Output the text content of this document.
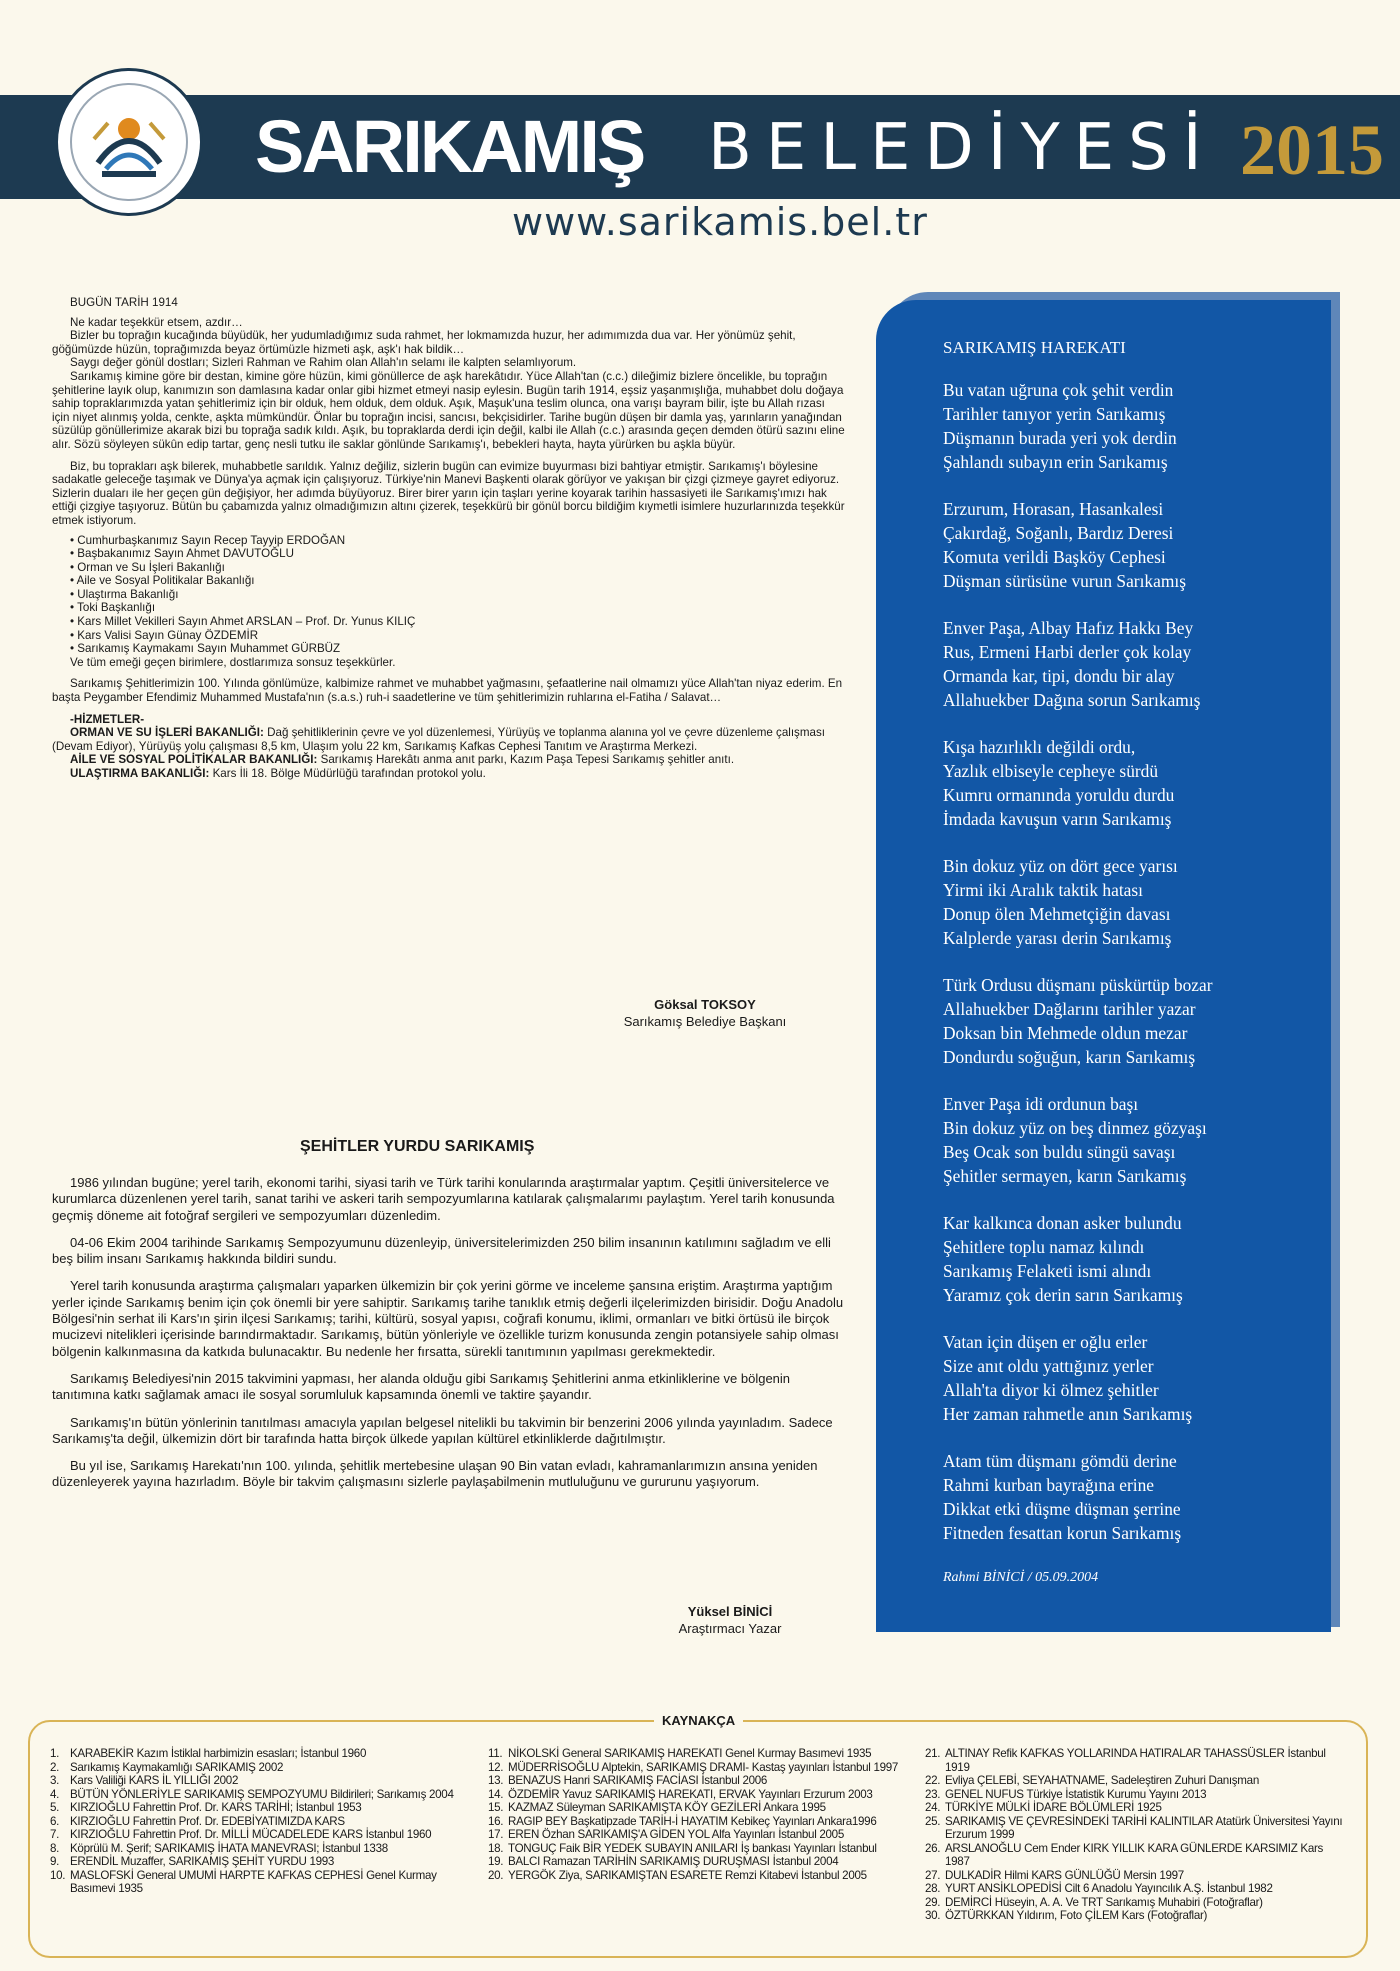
SARIKAMIŞ BELEDİYESİ 2015
www.sarikamis.bel.tr

BUGÜN TARİH 1914

Ne kadar teşekkür etsem, azdır…

Bizler bu toprağın kucağında büyüdük, her yudumladığımız suda rahmet, her lokmamızda huzur, her adımımızda dua var. Her yönümüz şehit, göğümüzde hüzün, toprağımızda beyaz örtümüzle hizmeti aşk, aşk'ı hak bildik…

Saygı değer gönül dostları; Sizleri Rahman ve Rahim olan Allah'ın selamı ile kalpten selamlıyorum.

Sarıkamış kimine göre bir destan, kimine göre hüzün, kimi gönüllerce de aşk harekâtıdır. Yüce Allah'tan (c.c.) dileğimiz bizlere öncelikle, bu toprağın şehitlerine layık olup, kanımızın son damlasına kadar onlar gibi hizmet etmeyi nasip eylesin. Bugün tarih 1914, eşsiz yaşanmışlığa, muhabbet dolu doğaya sahip topraklarımızda yatan şehitlerimiz için bir olduk, hem olduk, dem olduk. Aşık, Maşuk'una teslim olunca, ona varışı bayram bilir, işte bu Allah rızası için niyet alınmış yolda, cenkte, aşkta mümkündür. Önlar bu toprağın incisi, sancısı, bekçisidirler. Tarihe bugün düşen bir damla yaş, yarınların yanağından süzülüp gönüllerimize akarak bizi bu toprağa sadık kıldı. Aşık, bu topraklarda derdi için değil, kalbi ile Allah (c.c.) arasında geçen demden ötürü sazını eline alır. Sözü söyleyen sükûn edip tartar, genç nesli tutku ile saklar gönlünde Sarıkamış'ı, bebekleri hayta, hayta yürürken bu aşkla büyür.

Biz, bu toprakları aşk bilerek, muhabbetle sarıldık. Yalnız değiliz, sizlerin bugün can evimize buyurması bizi bahtiyar etmiştir. Sarıkamış'ı böylesine sadakatle geleceğe taşımak ve Dünya'ya açmak için çalışıyoruz. Türkiye'nin Manevi Başkenti olarak görüyor ve yakışan bir çizgi çizmeye gayret ediyoruz. Sizlerin duaları ile her geçen gün değişiyor, her adımda büyüyoruz. Birer birer yarın için taşları yerine koyarak tarihin hassasiyeti ile Sarıkamış'ımızı hak ettiği çizgiye taşıyoruz. Bütün bu çabamızda yalnız olmadığımızın altını çizerek, teşekkürü bir gönül borcu bildiğim kıymetli isimlere huzurlarınızda teşekkür etmek istiyorum.

• Cumhurbaşkanımız Sayın Recep Tayyip ERDOĞAN
• Başbakanımız Sayın Ahmet DAVUTOĞLU
• Orman ve Su İşleri Bakanlığı
• Aile ve Sosyal Politikalar Bakanlığı
• Ulaştırma Bakanlığı
• Toki Başkanlığı
• Kars Millet Vekilleri Sayın Ahmet ARSLAN – Prof. Dr. Yunus KILIÇ
• Kars Valisi Sayın Günay ÖZDEMİR
• Sarıkamış Kaymakamı Sayın Muhammet GÜRBÜZ

Ve tüm emeği geçen birimlere, dostlarımıza sonsuz teşekkürler.

Sarıkamış Şehitlerimizin 100. Yılında gönlümüze, kalbimize rahmet ve muhabbet yağmasını, şefaatlerine nail olmamızı yüce Allah'tan niyaz ederim. En başta Peygamber Efendimiz Muhammed Mustafa'nın (s.a.s.) ruh-i saadetlerine ve tüm şehitlerimizin ruhlarına el-Fatiha / Salavat…

-HİZMETLER-

ORMAN VE SU İŞLERİ BAKANLIĞI: Dağ şehitliklerinin çevre ve yol düzenlemesi, Yürüyüş ve toplanma alanına yol ve çevre düzenleme çalışması (Devam Ediyor), Yürüyüş yolu çalışması 8,5 km, Ulaşım yolu 22 km, Sarıkamış Kafkas Cephesi Tanıtım ve Araştırma Merkezi.

AİLE VE SOSYAL POLİTİKALAR BAKANLIĞI: Sarıkamış Harekâtı anma anıt parkı, Kazım Paşa Tepesi Sarıkamış şehitler anıtı.

ULAŞTIRMA BAKANLIĞI: Kars İli 18. Bölge Müdürlüğü tarafından protokol yolu.

Göksal TOKSOY
Sarıkamış Belediye Başkanı
ŞEHİTLER YURDU SARIKAMIŞ

1986 yılından bugüne; yerel tarih, ekonomi tarihi, siyasi tarih ve Türk tarihi konularında araştırmalar yaptım. Çeşitli üniversitelerce ve kurumlarca düzenlenen yerel tarih, sanat tarihi ve askeri tarih sempozyumlarına katılarak çalışmalarımı paylaştım. Yerel tarih konusunda geçmiş döneme ait fotoğraf sergileri ve sempozyumları düzenledim.

04-06 Ekim 2004 tarihinde Sarıkamış Sempozyumunu düzenleyip, üniversitelerimizden 250 bilim insanının katılımını sağladım ve elli beş bilim insanı Sarıkamış hakkında bildiri sundu.

Yerel tarih konusunda araştırma çalışmaları yaparken ülkemizin bir çok yerini görme ve inceleme şansına eriştim. Araştırma yaptığım yerler içinde Sarıkamış benim için çok önemli bir yere sahiptir. Sarıkamış tarihe tanıklık etmiş değerli ilçelerimizden birisidir. Doğu Anadolu Bölgesi'nin serhat ili Kars'ın şirin ilçesi Sarıkamış; tarihi, kültürü, sosyal yapısı, coğrafi konumu, iklimi, ormanları ve bitki örtüsü ile birçok mucizevi nitelikleri içerisinde barındırmaktadır. Sarıkamış, bütün yönleriyle ve özellikle turizm konusunda zengin potansiyele sahip olması bölgenin kalkınmasına da katkıda bulunacaktır. Bu nedenle her fırsatta, sürekli tanıtımının yapılması gerekmektedir.

Sarıkamış Belediyesi'nin 2015 takvimini yapması, her alanda olduğu gibi Sarıkamış Şehitlerini anma etkinliklerine ve bölgenin tanıtımına katkı sağlamak amacı ile sosyal sorumluluk kapsamında önemli ve taktire şayandır.

Sarıkamış'ın bütün yönlerinin tanıtılması amacıyla yapılan belgesel nitelikli bu takvimin bir benzerini 2006 yılında yayınladım. Sadece Sarıkamış'ta değil, ülkemizin dört bir tarafında hatta birçok ülkede yapılan kültürel etkinliklerde dağıtılmıştır.

Bu yıl ise, Sarıkamış Harekatı'nın 100. yılında, şehitlik mertebesine ulaşan 90 Bin vatan evladı, kahramanlarımızın ansına yeniden düzenleyerek yayına hazırladım. Böyle bir takvim çalışmasını sizlerle paylaşabilmenin mutluluğunu ve gururunu yaşıyorum.

Yüksel BİNİCİ
Araştırmacı Yazar
SARIKAMIŞ HAREKATI
Bu vatan uğruna çok şehit verdin
Tarihler tanıyor yerin Sarıkamış
Düşmanın burada yeri yok derdin
Şahlandı subayın erin Sarıkamış
Erzurum, Horasan, Hasankalesi
Çakırdağ, Soğanlı, Bardız Deresi
Komuta verildi Başköy Cephesi
Düşman sürüsüne vurun Sarıkamış
Enver Paşa, Albay Hafız Hakkı Bey
Rus, Ermeni Harbi derler çok kolay
Ormanda kar, tipi, dondu bir alay
Allahuekber Dağına sorun Sarıkamış
Kışa hazırlıklı değildi ordu,
Yazlık elbiseyle cepheye sürdü
Kumru ormanında yoruldu durdu
İmdada kavuşun varın Sarıkamış
Bin dokuz yüz on dört gece yarısı
Yirmi iki Aralık taktik hatası
Donup ölen Mehmetçiğin davası
Kalplerde yarası derin Sarıkamış
Türk Ordusu düşmanı püskürtüp bozar
Allahuekber Dağlarını tarihler yazar
Doksan bin Mehmede oldun mezar
Dondurdu soğuğun, karın Sarıkamış
Enver Paşa idi ordunun başı
Bin dokuz yüz on beş dinmez gözyaşı
Beş Ocak son buldu süngü savaşı
Şehitler sermayen, karın Sarıkamış
Kar kalkınca donan asker bulundu
Şehitlere toplu namaz kılındı
Sarıkamış Felaketi ismi alındı
Yaramız çok derin sarın Sarıkamış
Vatan için düşen er oğlu erler
Size anıt oldu yattığınız yerler
Allah'ta diyor ki ölmez şehitler
Her zaman rahmetle anın Sarıkamış
Atam tüm düşmanı gömdü derine
Rahmi kurban bayrağına erine
Dikkat etki düşme düşman şerrine
Fitneden fesattan korun Sarıkamış
Rahmi BİNİCİ / 05.09.2004
KAYNAKÇA
1. KARABEKİR Kazım İstiklal harbimizin esasları; İstanbul 1960
2. Sarıkamış Kaymakamlığı SARIKAMIŞ 2002
3. Kars Valiliği KARS İL YILLIĞI 2002
4. BÜTÜN YÖNLERİYLE SARIKAMIŞ SEMPOZYUMU Bildirileri; Sarıkamış 2004
5. KIRZIOĞLU Fahrettin Prof. Dr. KARS TARİHİ; İstanbul 1953
6. KIRZIOĞLU Fahrettin Prof. Dr. EDEBİYATIMIZDA KARS
7. KIRZIOĞLU Fahrettin Prof. Dr. MİLLİ MÜCADELEDE KARS İstanbul 1960
8. Köprülü M. Şerif; SARIKAMIŞ İHATA MANEVRASI; İstanbul 1338
9. ERENDİL Muzaffer, SARIKAMIŞ ŞEHİT YURDU 1993
10. MASLOFSKİ General UMUMİ HARPTE KAFKAS CEPHESİ Genel Kurmay Basımevi 1935
11. NİKOLSKİ General SARIKAMIŞ HAREKATI Genel Kurmay Basımevi 1935
12. MÜDERRİSOĞLU Alptekin, SARIKAMIŞ DRAMI- Kastaş yayınları İstanbul 1997
13. BENAZUS Hanri SARIKAMIŞ FACİASI İstanbul 2006
14. ÖZDEMİR Yavuz SARIKAMIŞ HAREKATI, ERVAK Yayınları Erzurum 2003
15. KAZMAZ Süleyman SARIKAMIŞTA KÖY GEZİLERİ Ankara 1995
16. RAGIP BEY Başkatipzade TARİH-İ HAYATIM Kebikeç Yayınları Ankara1996
17. EREN Özhan SARIKAMIŞ'A GİDEN YOL Alfa Yayınları İstanbul 2005
18. TONGUÇ Faik BİR YEDEK SUBAYIN ANILARI İş bankası Yayınları İstanbul
19. BALCI Ramazan TARİHİN SARIKAMIŞ DURUŞMASI İstanbul 2004
20. YERGÖK Ziya, SARIKAMIŞTAN ESARETE Remzi Kitabevi İstanbul 2005
21. ALTINAY Refik KAFKAS YOLLARINDA HATIRALAR TAHASSÜSLER İstanbul 1919
22. Evliya ÇELEBİ, SEYAHATNAME, Sadeleştiren Zuhuri Danışman
23. GENEL NUFUS Türkiye İstatistik Kurumu Yayını 2013
24. TÜRKİYE MÜLKİ İDARE BÖLÜMLERİ 1925
25. SARIKAMIŞ VE ÇEVRESİNDEKİ TARİHİ KALINTILAR Atatürk Üniversitesi Yayını Erzurum 1999
26. ARSLANOĞLU Cem Ender KIRK YILLIK KARA GÜNLERDE KARSIMIZ Kars 1987
27. DULKADİR Hilmi KARS GÜNLÜĞÜ Mersin 1997
28. YURT ANSİKLOPEDİSİ Cilt 6 Anadolu Yayıncılık A.Ş. İstanbul 1982
29. DEMİRCİ Hüseyin, A. A. Ve TRT Sarıkamış Muhabiri (Fotoğraflar)
30. ÖZTÜRKKAN Yıldırım, Foto ÇİLEM Kars (Fotoğraflar)
